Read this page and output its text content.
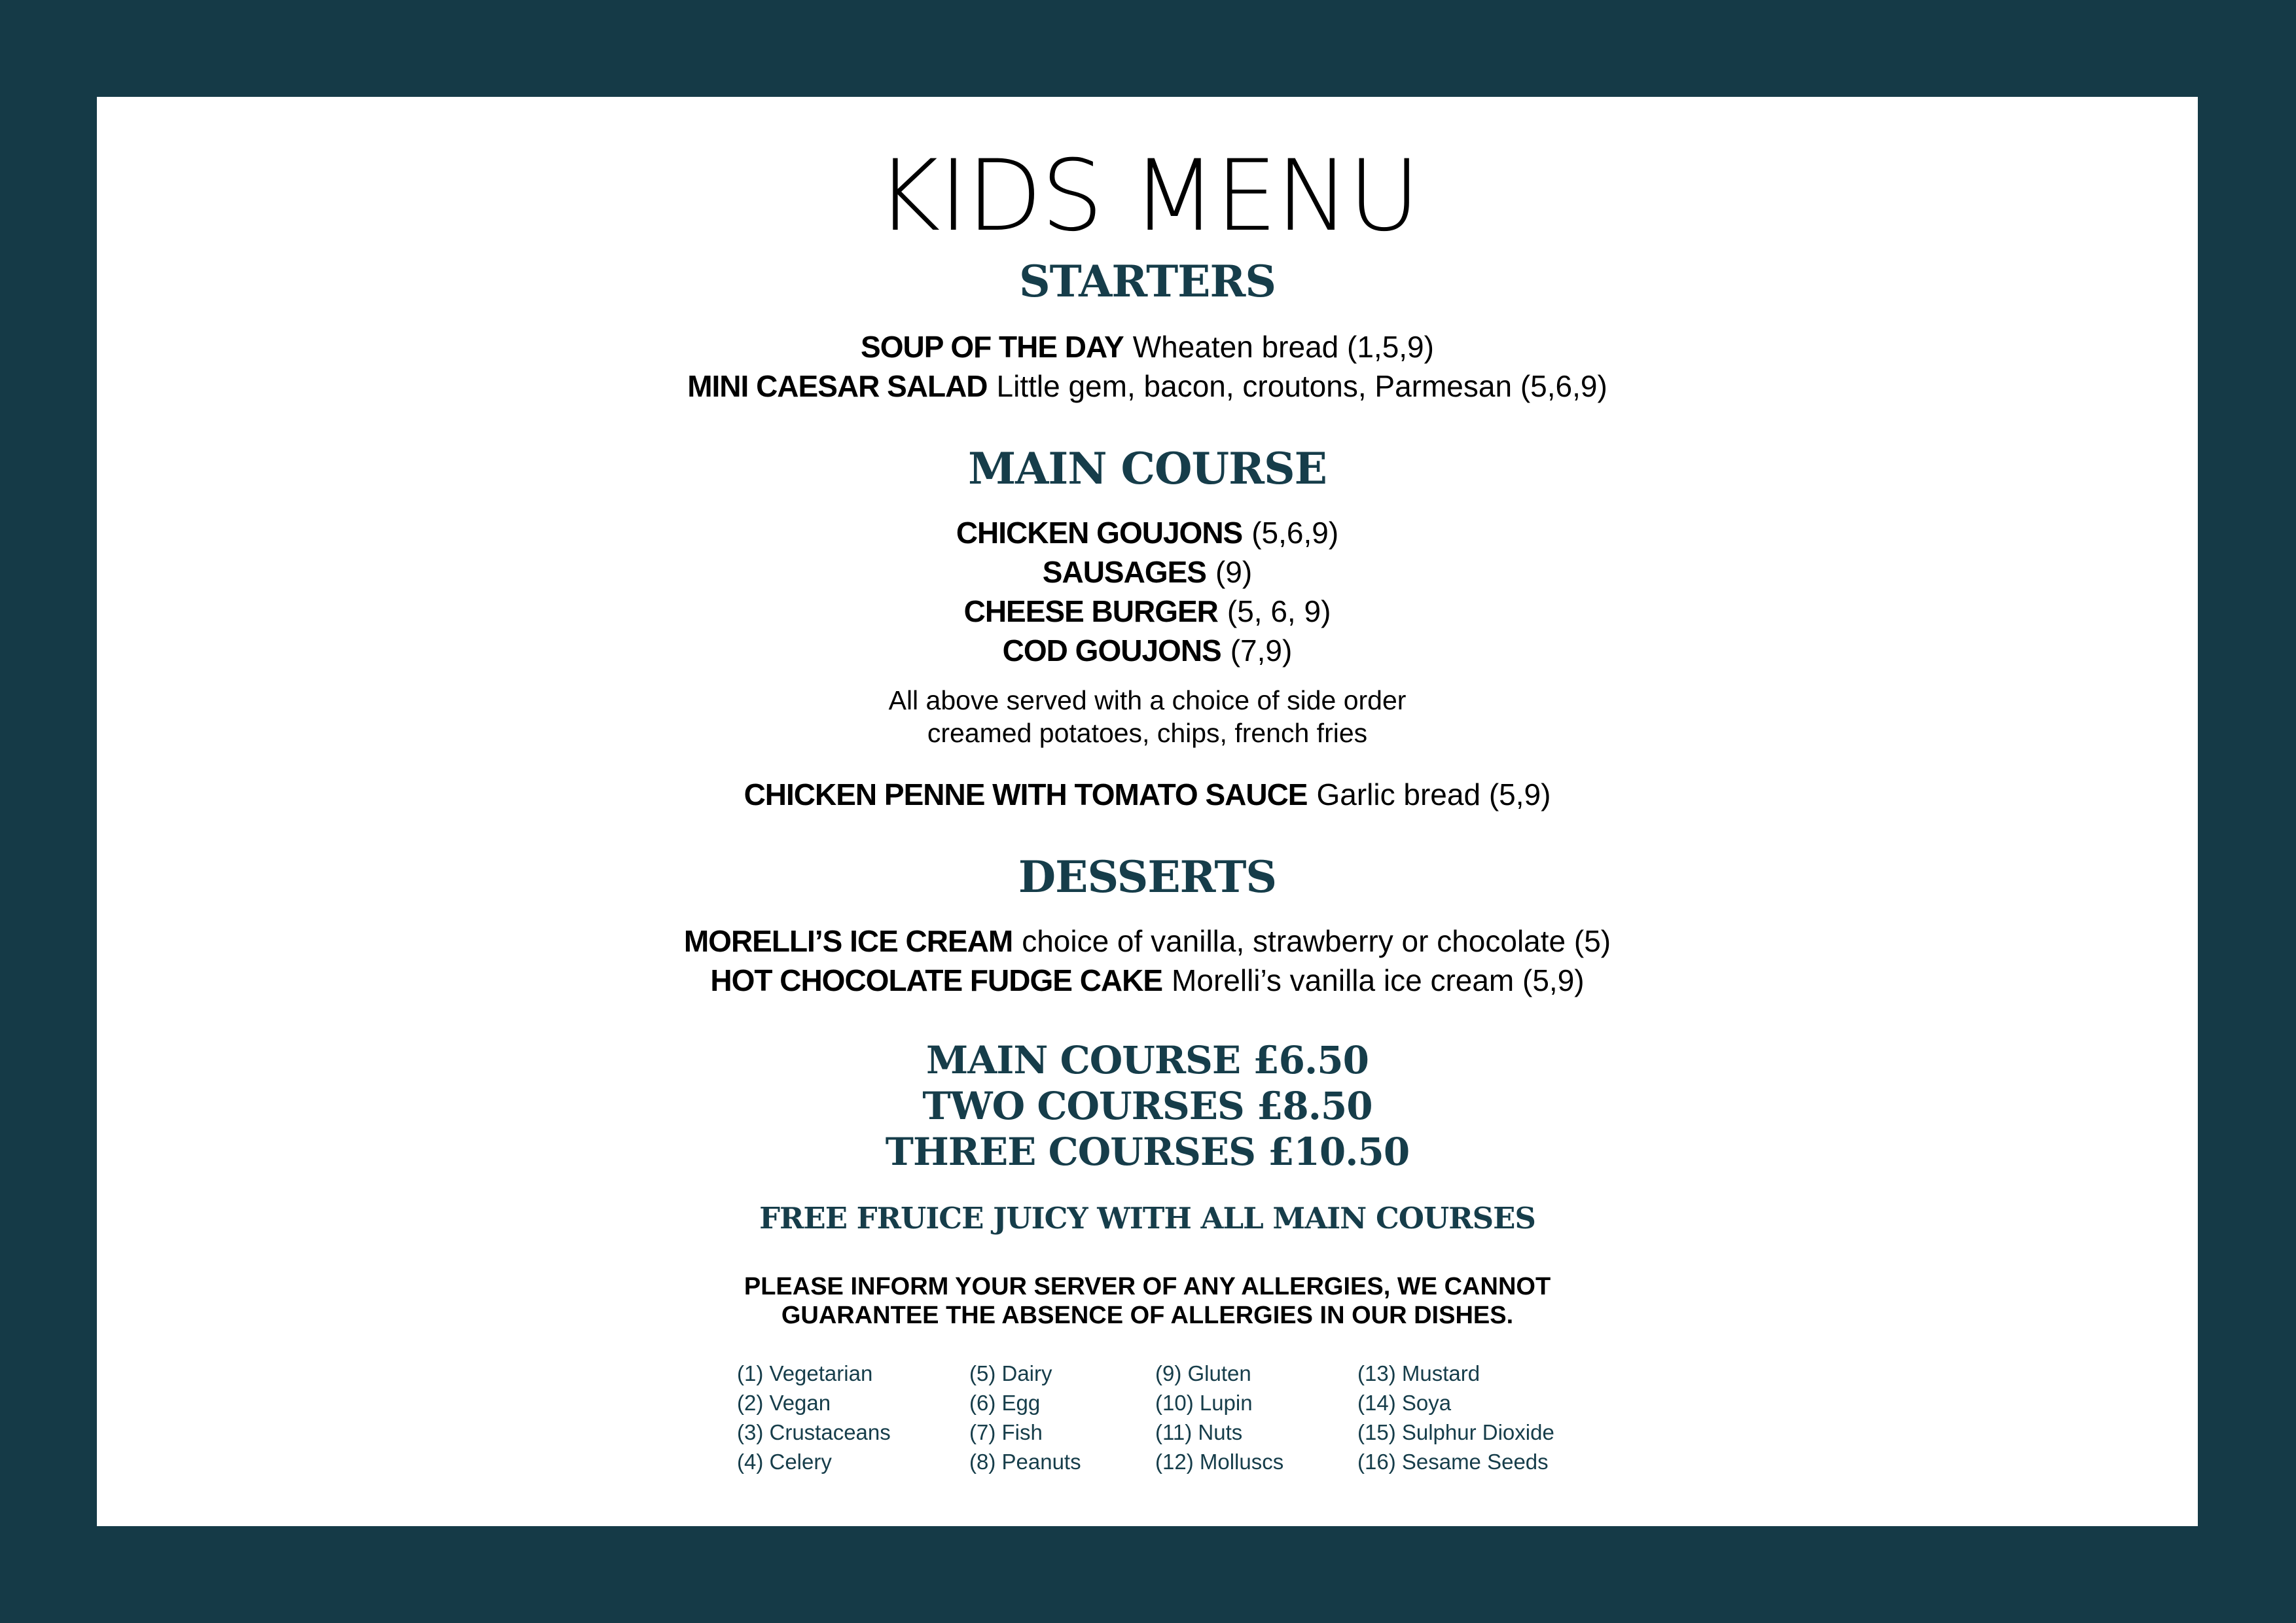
KIDS MENU
STARTERS
SOUP OF THE DAY Wheaten bread (1,5,9)
MINI CAESAR SALAD Little gem, bacon, croutons, Parmesan (5,6,9)
MAIN COURSE
CHICKEN GOUJONS (5,6,9)
SAUSAGES (9)
CHEESE BURGER (5, 6, 9)
COD GOUJONS (7,9)
All above served with a choice of side order
creamed potatoes, chips, french fries
CHICKEN PENNE WITH TOMATO SAUCE Garlic bread (5,9)
DESSERTS
MORELLI’S ICE CREAM choice of vanilla, strawberry or chocolate (5)
HOT CHOCOLATE FUDGE CAKE Morelli’s vanilla ice cream (5,9)
MAIN COURSE £6.50
TWO COURSES £8.50
THREE COURSES £10.50
FREE FRUICE JUICY WITH ALL MAIN COURSES
PLEASE INFORM YOUR SERVER OF ANY ALLERGIES, WE CANNOT
GUARANTEE THE ABSENCE OF ALLERGIES IN OUR DISHES.
(1) Vegetarian
(2) Vegan
(3) Crustaceans
(4) Celery
(5) Dairy
(6) Egg
(7) Fish
(8) Peanuts
(9) Gluten
(10) Lupin
(11) Nuts
(12) Molluscs
(13) Mustard
(14) Soya
(15) Sulphur Dioxide
(16) Sesame Seeds
